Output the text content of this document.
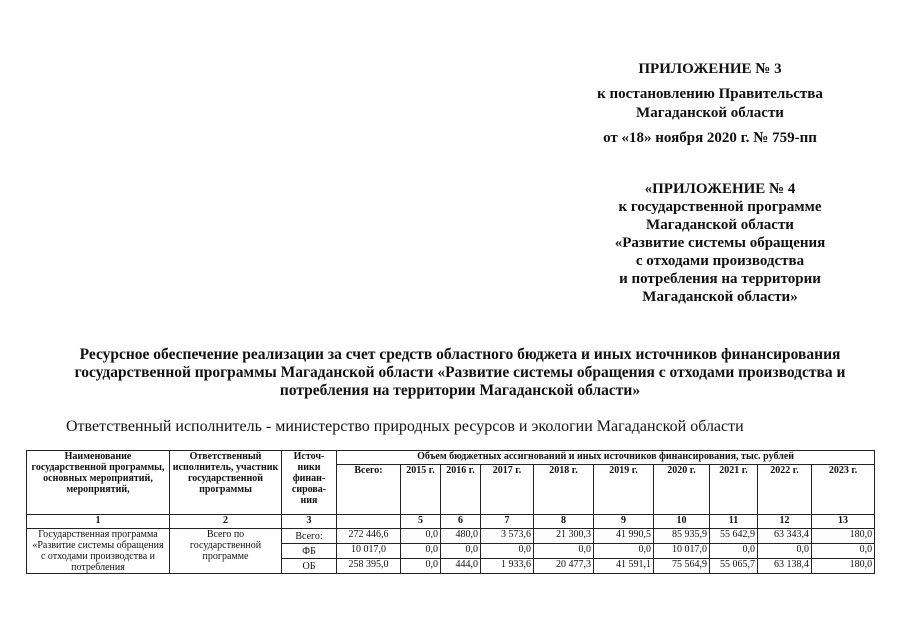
ПРИЛОЖЕНИЕ № 3
к постановлению Правительства
Магаданской области
от «18» ноября 2020 г. № 759-пп
«ПРИЛОЖЕНИЕ № 4
к государственной программе
Магаданской области
«Развитие системы обращения
с отходами производства
и потребления на территории
Магаданской области»
Ресурсное обеспечение реализации за счет средств областного бюджета и иных источников финансирования
государственной программы Магаданской области «Развитие системы обращения с отходами производства и
потребления на территории Магаданской области»
Ответственный исполнитель - министерство природных ресурсов и экологии Магаданской области
Наименование государственной программы, основных мероприятий, мероприятий,	Ответственный исполнитель, участник государственной программы	Источ-ники финан-сирова-ния	Объем бюджетных ассигнований и иных источников финансирования, тыс. рублей									
			Всего:	2015 г.	2016 г.	2017 г.	2018 г.	2019 г.	2020 г.	2021 г.	2022 г.	2023 г.
1	2	3		5	6	7	8	9	10	11	12	13
Государственная программа «Развитие системы обращения с отходами производства и потребления	Всего по государственной программе	Всего:	272 446,6	0,0	480,0	3 573,6	21 300,3	41 990,5	85 935,9	55 642,9	63 343,4	180,0
		ФБ	10 017,0	0,0	0,0	0,0	0,0	0,0	10 017,0	0,0	0,0	0,0
		ОБ	258 395,0	0,0	444,0	1 933,6	20 477,3	41 591,1	75 564,9	55 065,7	63 138,4	180,0
